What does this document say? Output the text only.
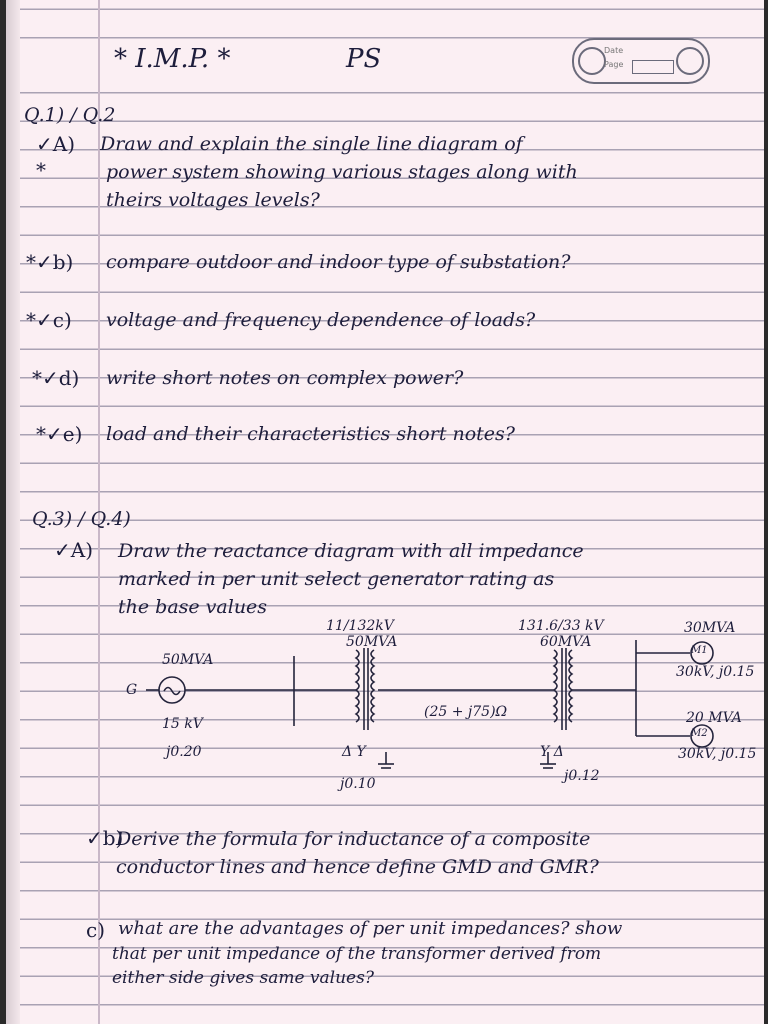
* I.M.P. *	PS	Date
Page
Q.1) / Q.2
✓A) Draw and explain the single line diagram of
*	power system showing various stages along with
theirs voltages levels?
*✓b) compare outdoor and indoor type of substation?
*✓c) voltage and frequency dependence of loads?
*✓d) write short notes on complex power?
*✓e) load and their characteristics short notes?
Q.3) / Q.4)
✓A) Draw the reactance diagram with all impedance
marked in per unit select generator rating as
the base values
50MVA
G
15 kV
j0.20
11/132kV
50MVA
Δ Y
j0.10
(25 + j75)Ω
131.6/33 kV
60MVA
Y Δ
j0.12
30MVA
M1
30kV, j0.15
20 MVA
M2
30kV, j0.15
✓b)
Derive the formula for inductance of a composite
conductor lines and hence define GMD and GMR?
c) what are the advantages of per unit impedances? show
that per unit impedance of the transformer derived from
either side gives same values?
